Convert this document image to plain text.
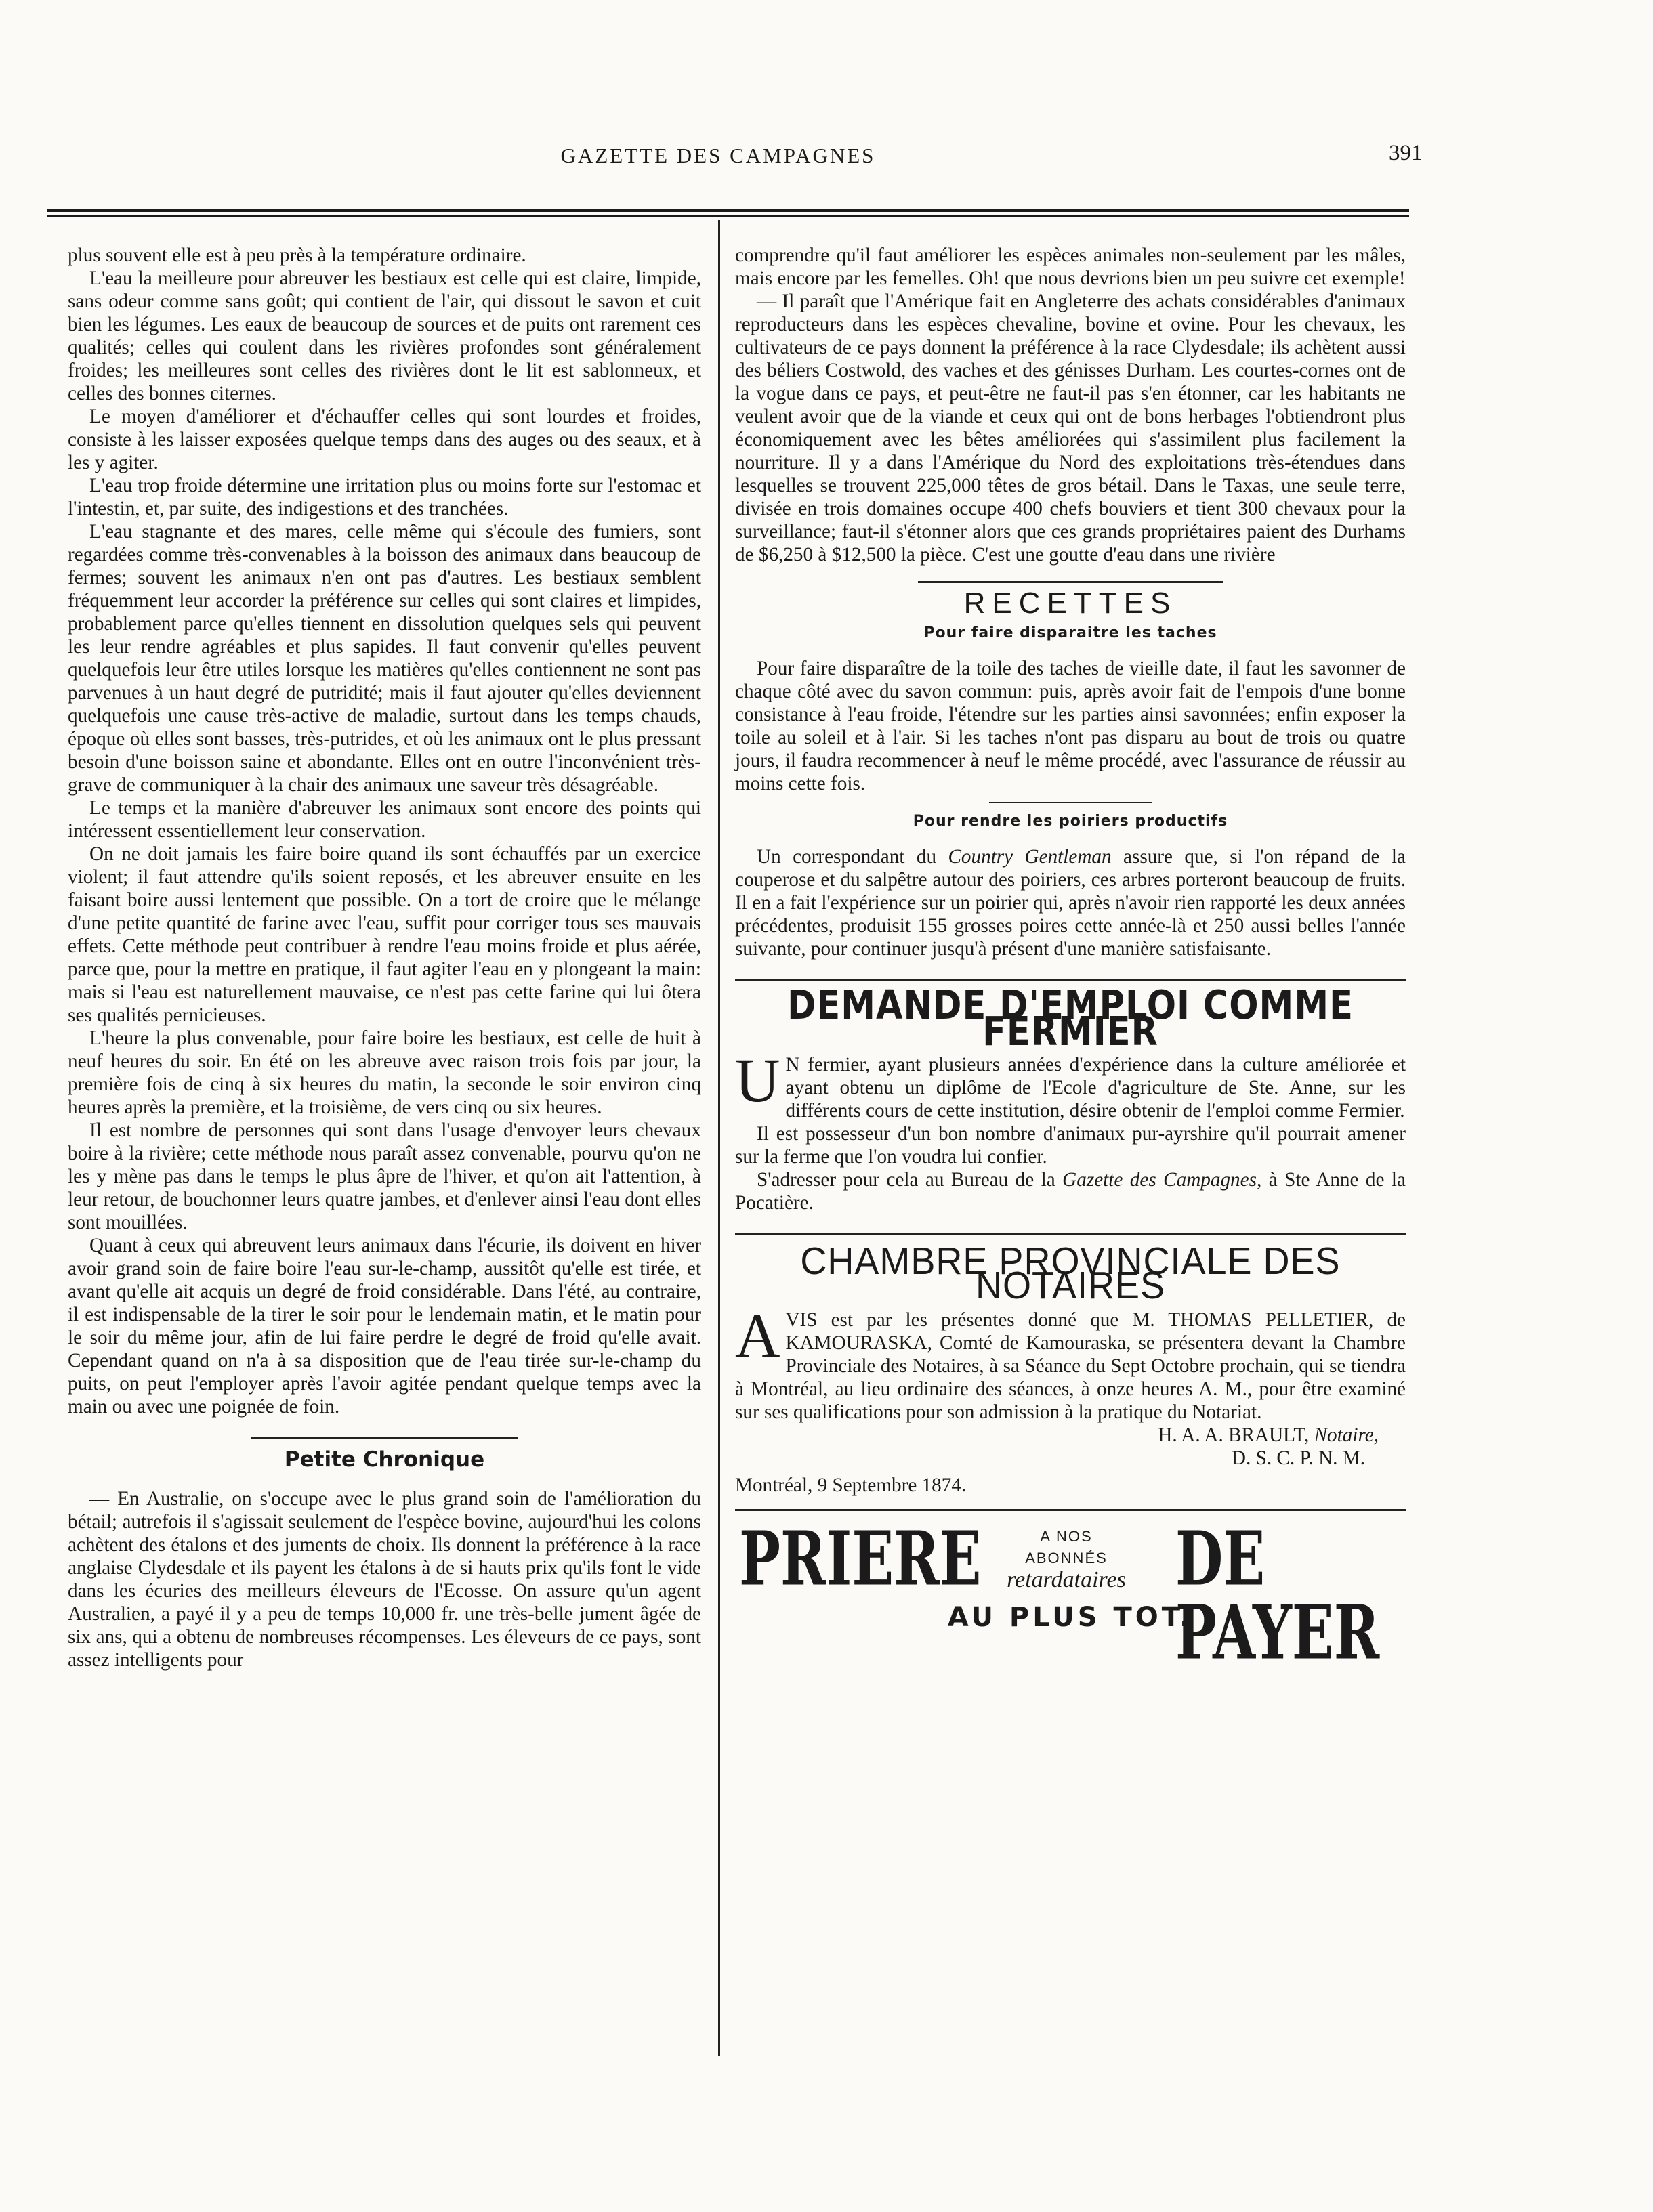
GAZETTE DES CAMPAGNES	391

plus souvent elle est à peu près à la température ordinaire.

L'eau la meilleure pour abreuver les bestiaux est celle qui est claire, limpide, sans odeur comme sans goût; qui contient de l'air, qui dissout le savon et cuit bien les légumes. Les eaux de beaucoup de sources et de puits ont rarement ces qualités; celles qui coulent dans les rivières profondes sont généralement froides; les meilleures sont celles des rivières dont le lit est sablonneux, et celles des bonnes citernes.

Le moyen d'améliorer et d'échauffer celles qui sont lourdes et froides, consiste à les laisser exposées quelque temps dans des auges ou des seaux, et à les y agiter.

L'eau trop froide détermine une irritation plus ou moins forte sur l'estomac et l'intestin, et, par suite, des indigestions et des tranchées.

L'eau stagnante et des mares, celle même qui s'écoule des fumiers, sont regardées comme très-convenables à la boisson des animaux dans beaucoup de fermes; souvent les animaux n'en ont pas d'autres. Les bestiaux semblent fréquemment leur accorder la préférence sur celles qui sont claires et limpides, probablement parce qu'elles tiennent en dissolution quelques sels qui peuvent les leur rendre agréables et plus sapides. Il faut convenir qu'elles peuvent quelquefois leur être utiles lorsque les matières qu'elles contiennent ne sont pas parvenues à un haut degré de putridité; mais il faut ajouter qu'elles deviennent quelquefois une cause très-active de maladie, surtout dans les temps chauds, époque où elles sont basses, très-putrides, et où les animaux ont le plus pressant besoin d'une boisson saine et abondante. Elles ont en outre l'inconvénient très-grave de communiquer à la chair des animaux une saveur très désagréable.

Le temps et la manière d'abreuver les animaux sont encore des points qui intéressent essentiellement leur conservation.

On ne doit jamais les faire boire quand ils sont échauffés par un exercice violent; il faut attendre qu'ils soient reposés, et les abreuver ensuite en les faisant boire aussi lentement que possible. On a tort de croire que le mélange d'une petite quantité de farine avec l'eau, suffit pour corriger tous ses mauvais effets. Cette méthode peut contribuer à rendre l'eau moins froide et plus aérée, parce que, pour la mettre en pratique, il faut agiter l'eau en y plongeant la main: mais si l'eau est naturellement mauvaise, ce n'est pas cette farine qui lui ôtera ses qualités pernicieuses.

L'heure la plus convenable, pour faire boire les bestiaux, est celle de huit à neuf heures du soir. En été on les abreuve avec raison trois fois par jour, la première fois de cinq à six heures du matin, la seconde le soir environ cinq heures après la première, et la troisième, de vers cinq ou six heures.

Il est nombre de personnes qui sont dans l'usage d'envoyer leurs chevaux boire à la rivière; cette méthode nous paraît assez convenable, pourvu qu'on ne les y mène pas dans le temps le plus âpre de l'hiver, et qu'on ait l'attention, à leur retour, de bouchonner leurs quatre jambes, et d'enlever ainsi l'eau dont elles sont mouillées.

Quant à ceux qui abreuvent leurs animaux dans l'écurie, ils doivent en hiver avoir grand soin de faire boire l'eau sur-le-champ, aussitôt qu'elle est tirée, et avant qu'elle ait acquis un degré de froid considérable. Dans l'été, au contraire, il est indispensable de la tirer le soir pour le lendemain matin, et le matin pour le soir du même jour, afin de lui faire perdre le degré de froid qu'elle avait. Cependant quand on n'a à sa disposition que de l'eau tirée sur-le-champ du puits, on peut l'employer après l'avoir agitée pendant quelque temps avec la main ou avec une poignée de foin.

Petite Chronique

— En Australie, on s'occupe avec le plus grand soin de l'amélioration du bétail; autrefois il s'agissait seulement de l'espèce bovine, aujourd'hui les colons achètent des étalons et des juments de choix. Ils donnent la préférence à la race anglaise Clydesdale et ils payent les étalons à de si hauts prix qu'ils font le vide dans les écuries des meilleurs éleveurs de l'Ecosse. On assure qu'un agent Australien, a payé il y a peu de temps 10,000 fr. une très-belle jument âgée de six ans, qui a obtenu de nombreuses récompenses. Les éleveurs de ce pays, sont assez intelligents pour

comprendre qu'il faut améliorer les espèces animales non-seulement par les mâles, mais encore par les femelles. Oh! que nous devrions bien un peu suivre cet exemple!

— Il paraît que l'Amérique fait en Angleterre des achats considérables d'animaux reproducteurs dans les espèces chevaline, bovine et ovine. Pour les chevaux, les cultivateurs de ce pays donnent la préférence à la race Clydesdale; ils achètent aussi des béliers Costwold, des vaches et des génisses Durham. Les courtes-cornes ont de la vogue dans ce pays, et peut-être ne faut-il pas s'en étonner, car les habitants ne veulent avoir que de la viande et ceux qui ont de bons herbages l'obtiendront plus économiquement avec les bêtes améliorées qui s'assimilent plus facilement la nourriture. Il y a dans l'Amérique du Nord des exploitations très-étendues dans lesquelles se trouvent 225,000 têtes de gros bétail. Dans le Taxas, une seule terre, divisée en trois domaines occupe 400 chefs bouviers et tient 300 chevaux pour la surveillance; faut-il s'étonner alors que ces grands propriétaires paient des Durhams de $6,250 à $12,500 la pièce. C'est une goutte d'eau dans une rivière

RECETTES
Pour faire disparaitre les taches

Pour faire disparaître de la toile des taches de vieille date, il faut les savonner de chaque côté avec du savon commun: puis, après avoir fait de l'empois d'une bonne consistance à l'eau froide, l'étendre sur les parties ainsi savonnées; enfin exposer la toile au soleil et à l'air. Si les taches n'ont pas disparu au bout de trois ou quatre jours, il faudra recommencer à neuf le même procédé, avec l'assurance de réussir au moins cette fois.

Pour rendre les poiriers productifs

Un correspondant du Country Gentleman assure que, si l'on répand de la couperose et du salpêtre autour des poiriers, ces arbres porteront beaucoup de fruits. Il en a fait l'expérience sur un poirier qui, après n'avoir rien rapporté les deux années précédentes, produisit 155 grosses poires cette année-là et 250 aussi belles l'année suivante, pour continuer jusqu'à présent d'une manière satisfaisante.

DEMANDE D'EMPLOI COMME FERMIER

U N fermier, ayant plusieurs années d'expérience dans la culture améliorée et ayant obtenu un diplôme de l'Ecole d'agriculture de Ste. Anne, sur les différents cours de cette institution, désire obtenir de l'emploi comme Fermier.

Il est possesseur d'un bon nombre d'animaux pur-ayrshire qu'il pourrait amener sur la ferme que l'on voudra lui confier.

S'adresser pour cela au Bureau de la Gazette des Campagnes, à Ste Anne de la Pocatière.

CHAMBRE PROVINCIALE DES NOTAIRES

AVIS est par les présentes donné que M. THOMAS PELLETIER, de KAMOURASKA, Comté de Kamouraska, se présentera devant la Chambre Provinciale des Notaires, à sa Séance du Sept Octobre prochain, qui se tiendra à Montréal, au lieu ordinaire des séances, à onze heures A. M., pour être examiné sur ses qualifications pour son admission à la pratique du Notariat.

H. A. A. BRAULT, Notaire,
D. S. C. P. N. M.
Montréal, 9 Septembre 1874.
PRIERE	A NOS
ABONNÉS
retardataires DE PAYER
AU PLUS TOT.
